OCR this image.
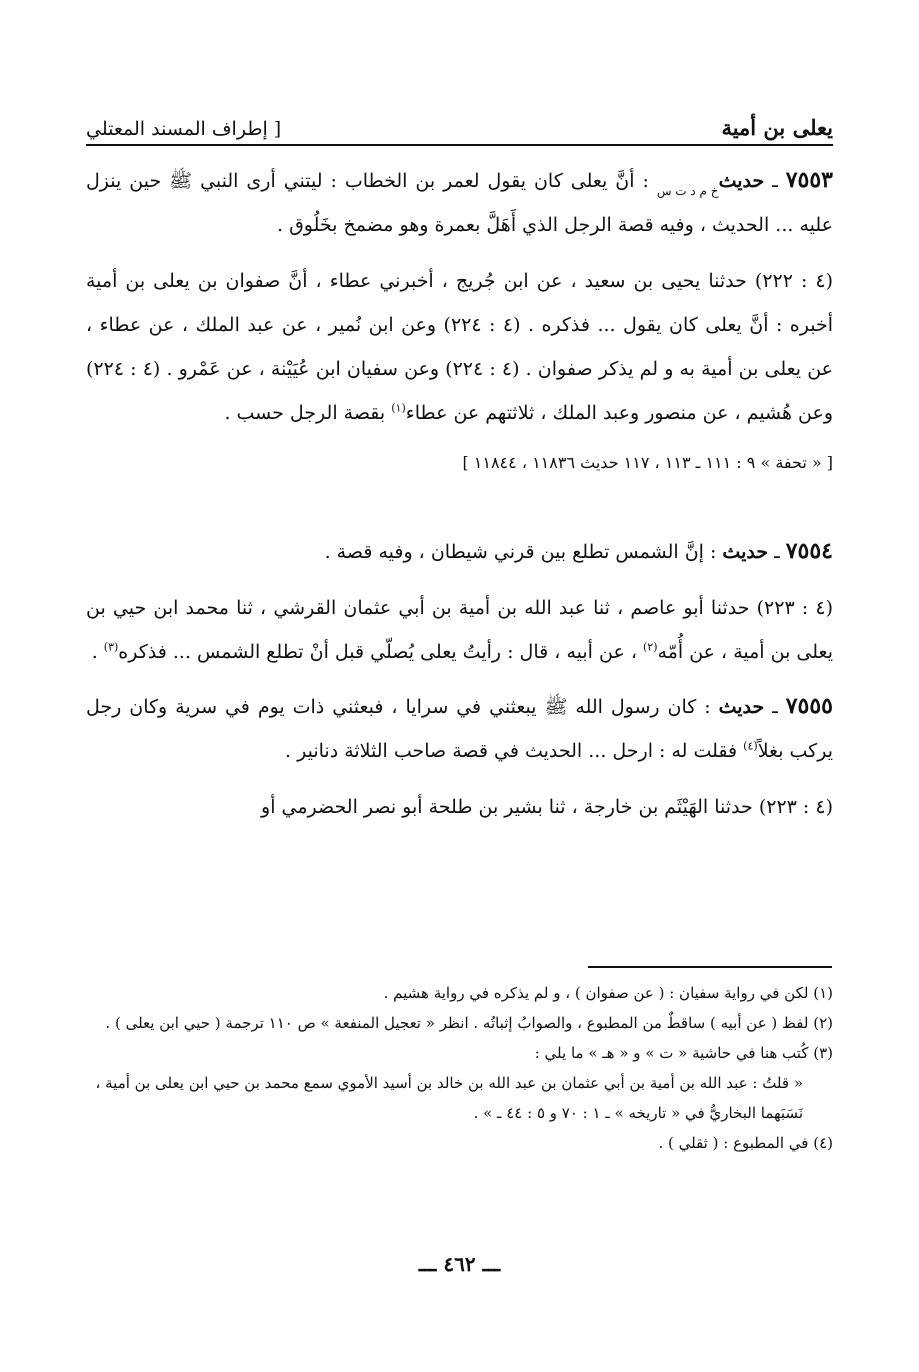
يعلى بن أمية
[ إطراف المسند المعتلي

٧٥٥٣ ـ حديثخ م د ت س : أنَّ يعلى كان يقول لعمر بن الخطاب : ليتني أرى النبي ﷺ حين ينزل عليه ... الحديث ، وفيه قصة الرجل الذي أَهَلَّ بعمرة وهو مضمخ بخَلُوق .

(٤ : ٢٢٢) حدثنا يحيى بن سعيد ، عن ابن جُريج ، أخبرني عطاء ، أنَّ صفوان بن يعلى بن أمية أخبره : أنَّ يعلى كان يقول ... فذكره . (٤ : ٢٢٤) وعن ابن نُمير ، عن عبد الملك ، عن عطاء ، عن يعلى بن أمية به و لم يذكر صفوان . (٤ : ٢٢٤) وعن سفيان ابن عُيَيْنة ، عن عَمْرو . (٤ : ٢٢٤) وعن هُشيم ، عن منصور وعبد الملك ، ثلاثتهم عن عطاء$^{(١)}$ بقصة الرجل حسب .

[ « تحفة » ٩ : ١١١ ـ ١١٣ ، ١١٧ حديث ١١٨٣٦ ، ١١٨٤٤ ]

٧٥٥٤ ـ حديث : إنَّ الشمس تطلع بين قرني شيطان ، وفيه قصة .

(٤ : ٢٢٣) حدثنا أبو عاصم ، ثنا عبد الله بن أمية بن أبي عثمان القرشي ، ثنا محمد ابن حيي بن يعلى بن أمية ، عن أُمّه$^{(٢)}$ ، عن أبيه ، قال : رأيتُ يعلى يُصلّي قبل أنْ تطلع الشمس ... فذكره$^{(٣)}$ .

٧٥٥٥ ـ حديث : كان رسول الله ﷺ يبعثني في سرايا ، فبعثني ذات يوم في سرية وكان رجل يركب بغلاً$^{(٤)}$ فقلت له : ارحل ... الحديث في قصة صاحب الثلاثة دنانير .

(٤ : ٢٢٣) حدثنا الهَيْثَم بن خارجة ، ثنا بشير بن طلحة أبو نصر الحضرمي أو

(١) لكن في رواية سفيان : ( عن صفوان ) ، و لم يذكره في رواية هشيم .

(٢) لفظ ( عن أبيه ) ساقطٌ من المطبوع ، والصوابُ إثباتُه . انظر « تعجيل المنفعة » ص ١١٠ ترجمة ( حيي ابن يعلى ) .

(٣) كُتب هنا في حاشية « ت » و « هـ » ما يلي :

« قلتُ : عبد الله بن أمية بن أبي عثمان بن عبد الله بن خالد بن أسيد الأموي سمع محمد بن حيي ابن يعلى بن أمية ، نَسَبَهما البخاريُّ في « تاريخه » ـ ١ : ٧٠ و ٥ : ٤٤ ـ » .

(٤) في المطبوع : ( ثقلي ) .

ـــ ٤٦٢ ـــ
